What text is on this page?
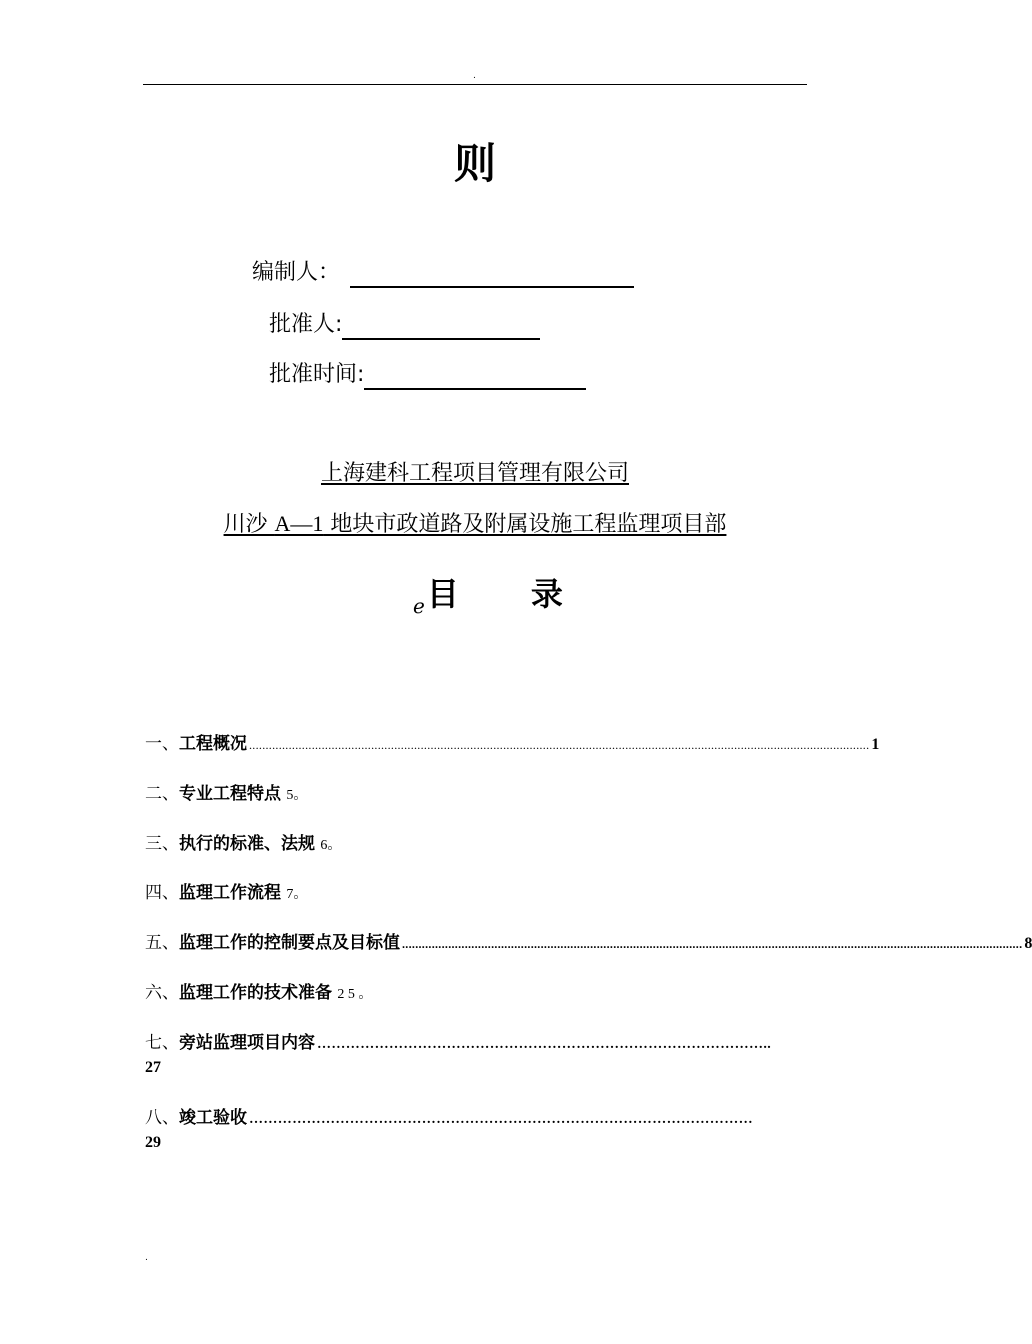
.
则
编制人：
批准人:
批准时间:
上海建科工程项目管理有限公司
川沙 A—1 地块市政道路及附属设施工程监理项目部
$_ℯ$目 录
一、 工程概况 ............................................................................................................................................................................................ 1
二、专业工程特点 5。
三、执行的标准、法规 6。
四、监理工作流程 7。
五、 监理工作的控制要点及目标值 ............................................................................................................................................................................................ 8
六、监理工作的技术准备 2 5 。
七、 旁站监理项目内容 …………………………………………………………………………………..
27
八、 竣工验收 ……………………………………………………………………………………………
29
.
